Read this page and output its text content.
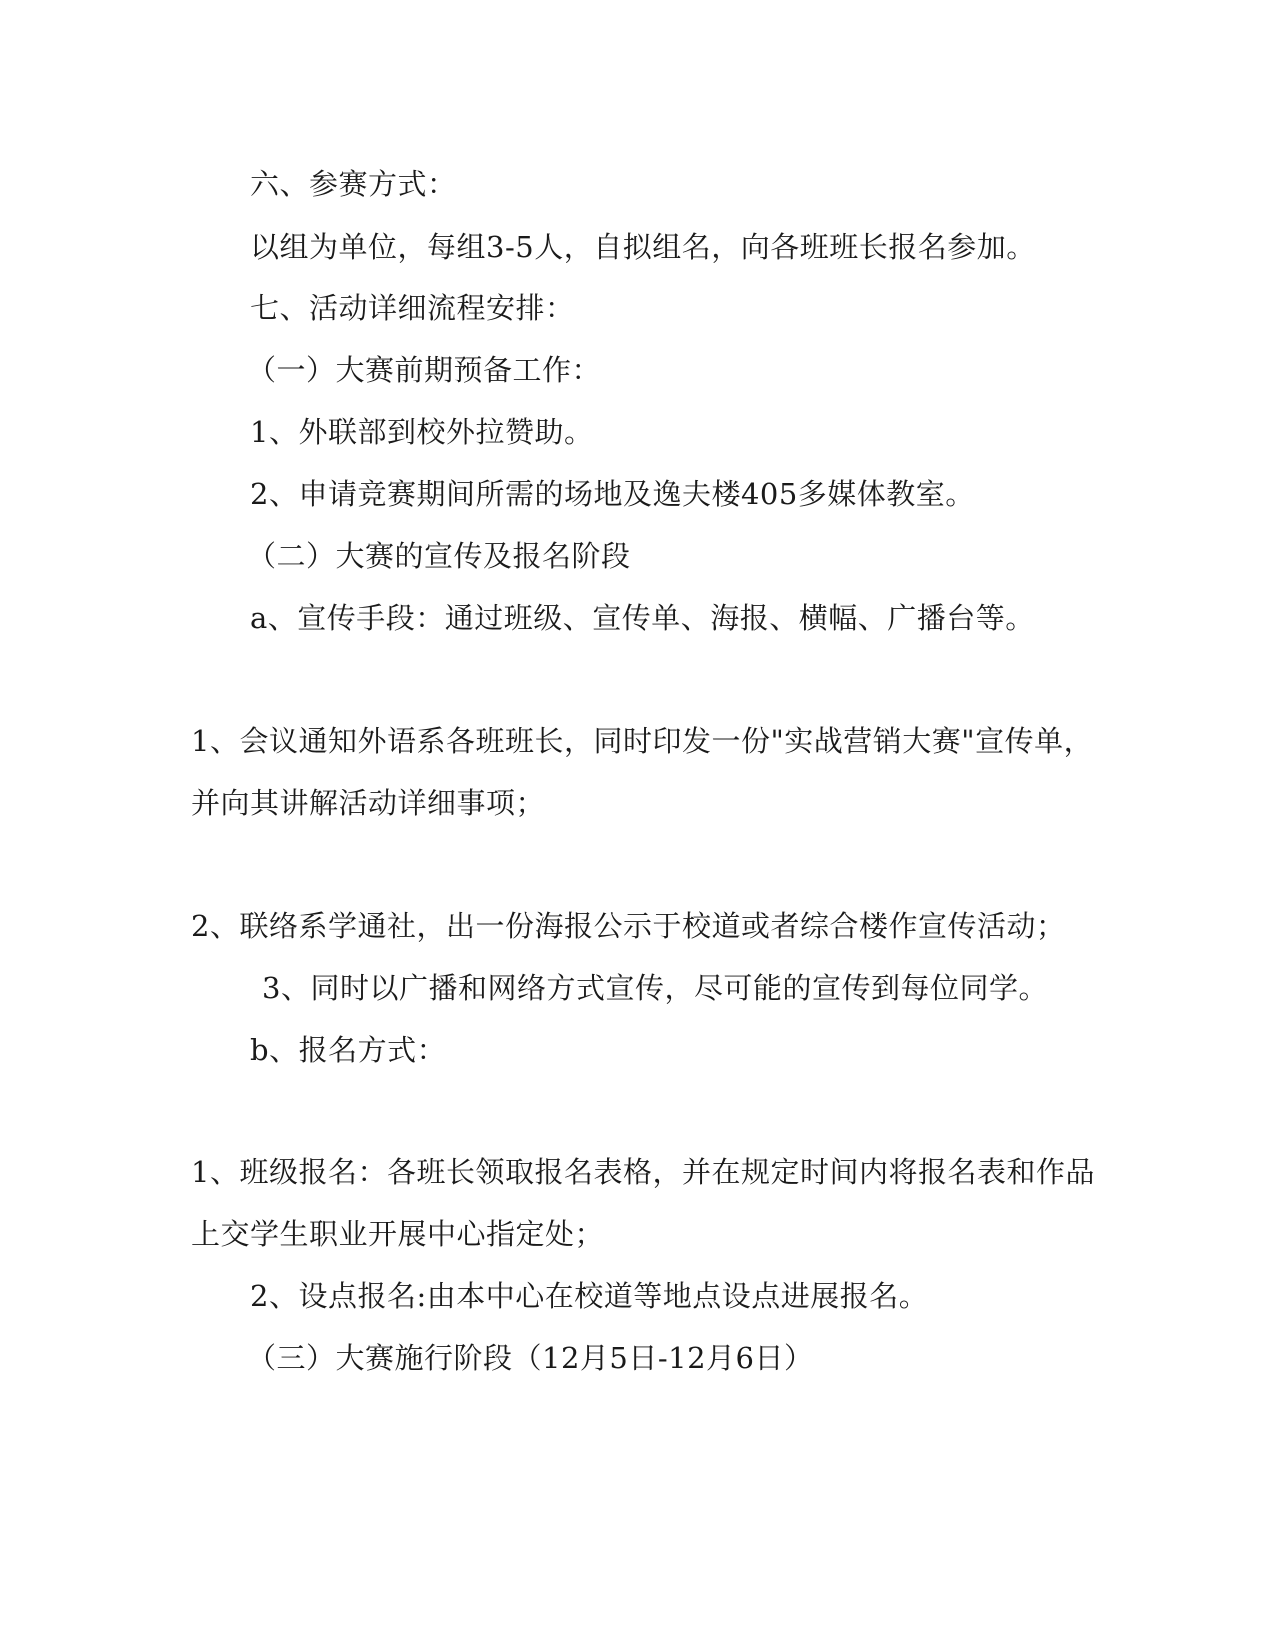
六、参赛方式：
以组为单位，每组3-5人，自拟组名，向各班班长报名参加。
七、活动详细流程安排：
（一）大赛前期预备工作：
1、外联部到校外拉赞助。
2、申请竞赛期间所需的场地及逸夫楼405多媒体教室。
（二）大赛的宣传及报名阶段
a、宣传手段：通过班级、宣传单、海报、横幅、广播台等。
1、会议通知外语系各班班长，同时印发一份"实战营销大赛"宣传单，
并向其讲解活动详细事项；
2、联络系学通社，出一份海报公示于校道或者综合楼作宣传活动；
3、同时以广播和网络方式宣传，尽可能的宣传到每位同学。
b、报名方式：
1、班级报名：各班长领取报名表格，并在规定时间内将报名表和作品
上交学生职业开展中心指定处；
2、设点报名:由本中心在校道等地点设点进展报名。
（三）大赛施行阶段（12月5日-12月6日）
